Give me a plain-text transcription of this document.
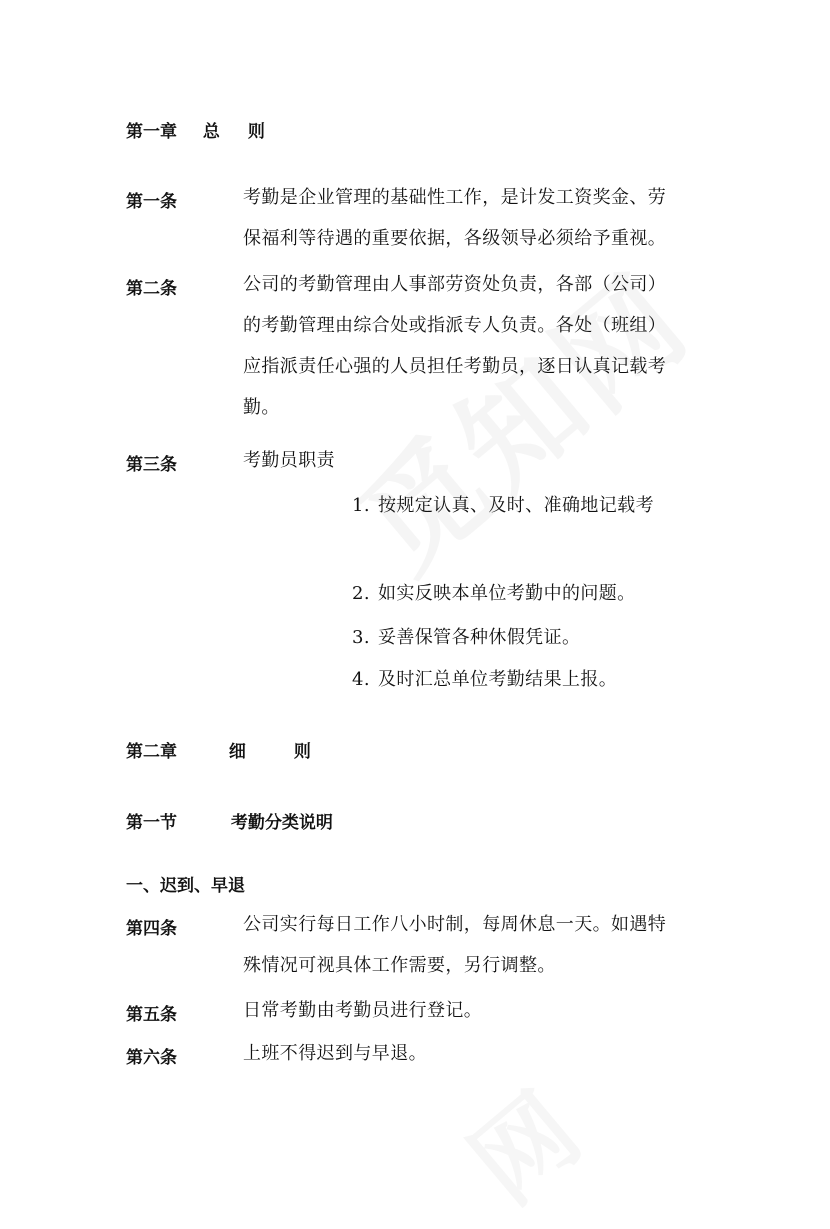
第一章 总 则
第一条	考勤是企业管理的基础性工作，是计发工资奖金、劳
保福利等待遇的重要依据，各级领导必须给予重视。
第二条	公司的考勤管理由人事部劳资处负责，各部（公司）
的考勤管理由综合处或指派专人负责。各处（班组）
应指派责任心强的人员担任考勤员，逐日认真记载考
勤。
第三条	考勤员职责
1. 按规定认真、及时、准确地记载考
2. 如实反映本单位考勤中的问题。
3. 妥善保管各种休假凭证。
4. 及时汇总单位考勤结果上报。
第二章	细	则
第一节	考勤分类说明
一、迟到、早退
第四条	公司实行每日工作八小时制，每周休息一天。如遇特
殊情况可视具体工作需要，另行调整。
第五条	日常考勤由考勤员进行登记。
第六条	上班不得迟到与早退。
